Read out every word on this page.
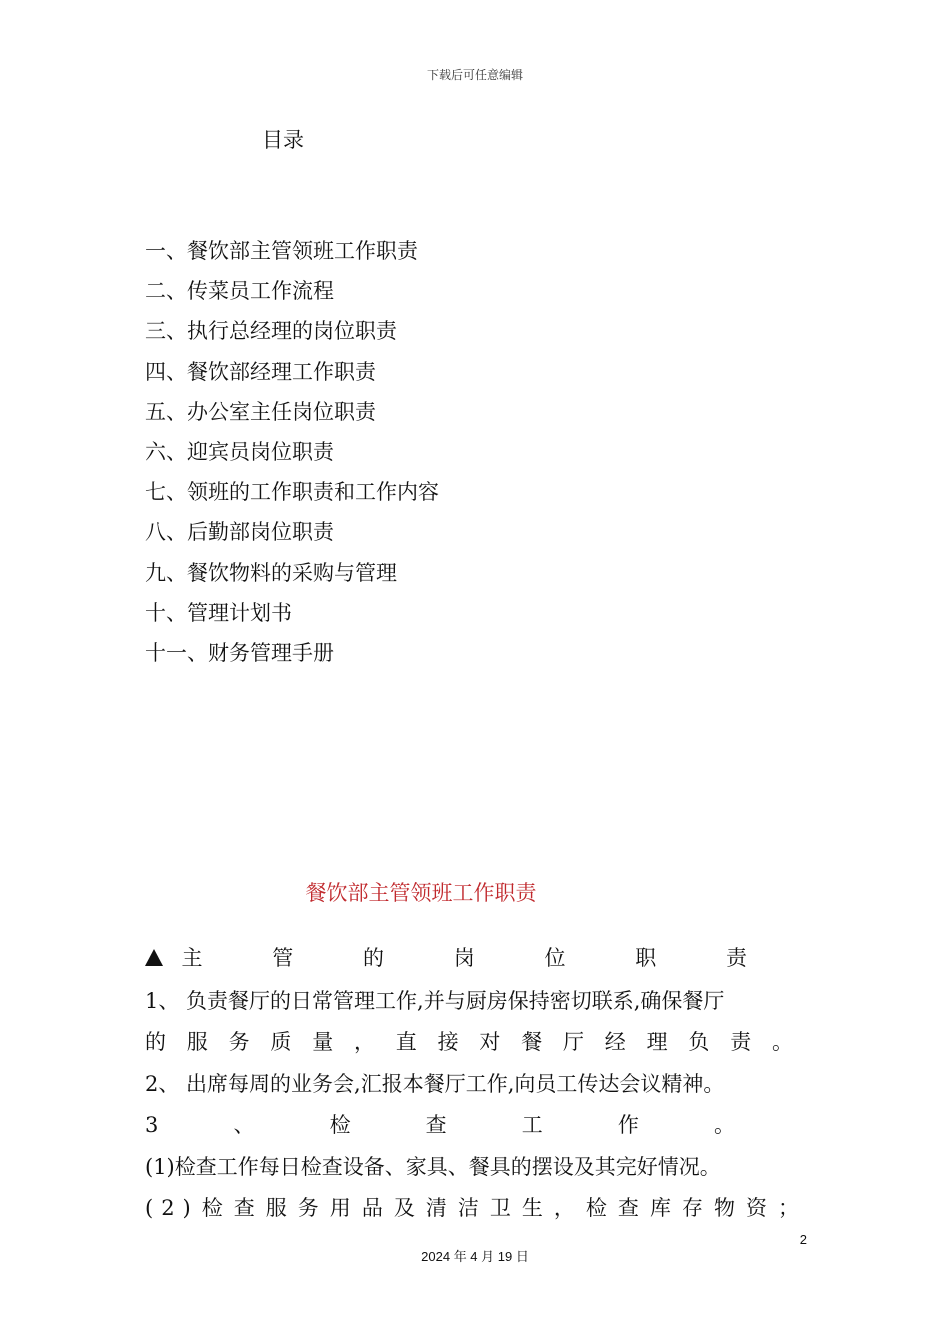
下载后可任意编辑
目录
一、餐饮部主管领班工作职责
二、传菜员工作流程
三、执行总经理的岗位职责
四、餐饮部经理工作职责
五、办公室主任岗位职责
六、迎宾员岗位职责
七、领班的工作职责和工作内容
八、后勤部岗位职责
九、餐饮物料的采购与管理
十、管理计划书
十一、财务管理手册
餐饮部主管领班工作职责
主管的岗位职责
1、 负责餐厅的日常管理工作,并与厨房保持密切联系,确保餐厅
的服务质量，直接对餐厅经理负责。
2、 出席每周的业务会,汇报本餐厅工作,向员工传达会议精神。
3、检查工作。
(1)检查工作每日检查设备、家具、餐具的摆设及其完好情况。
(2)检查服务用品及清洁卫生，检查库存物资；
2
2024 年 4 月 19 日
